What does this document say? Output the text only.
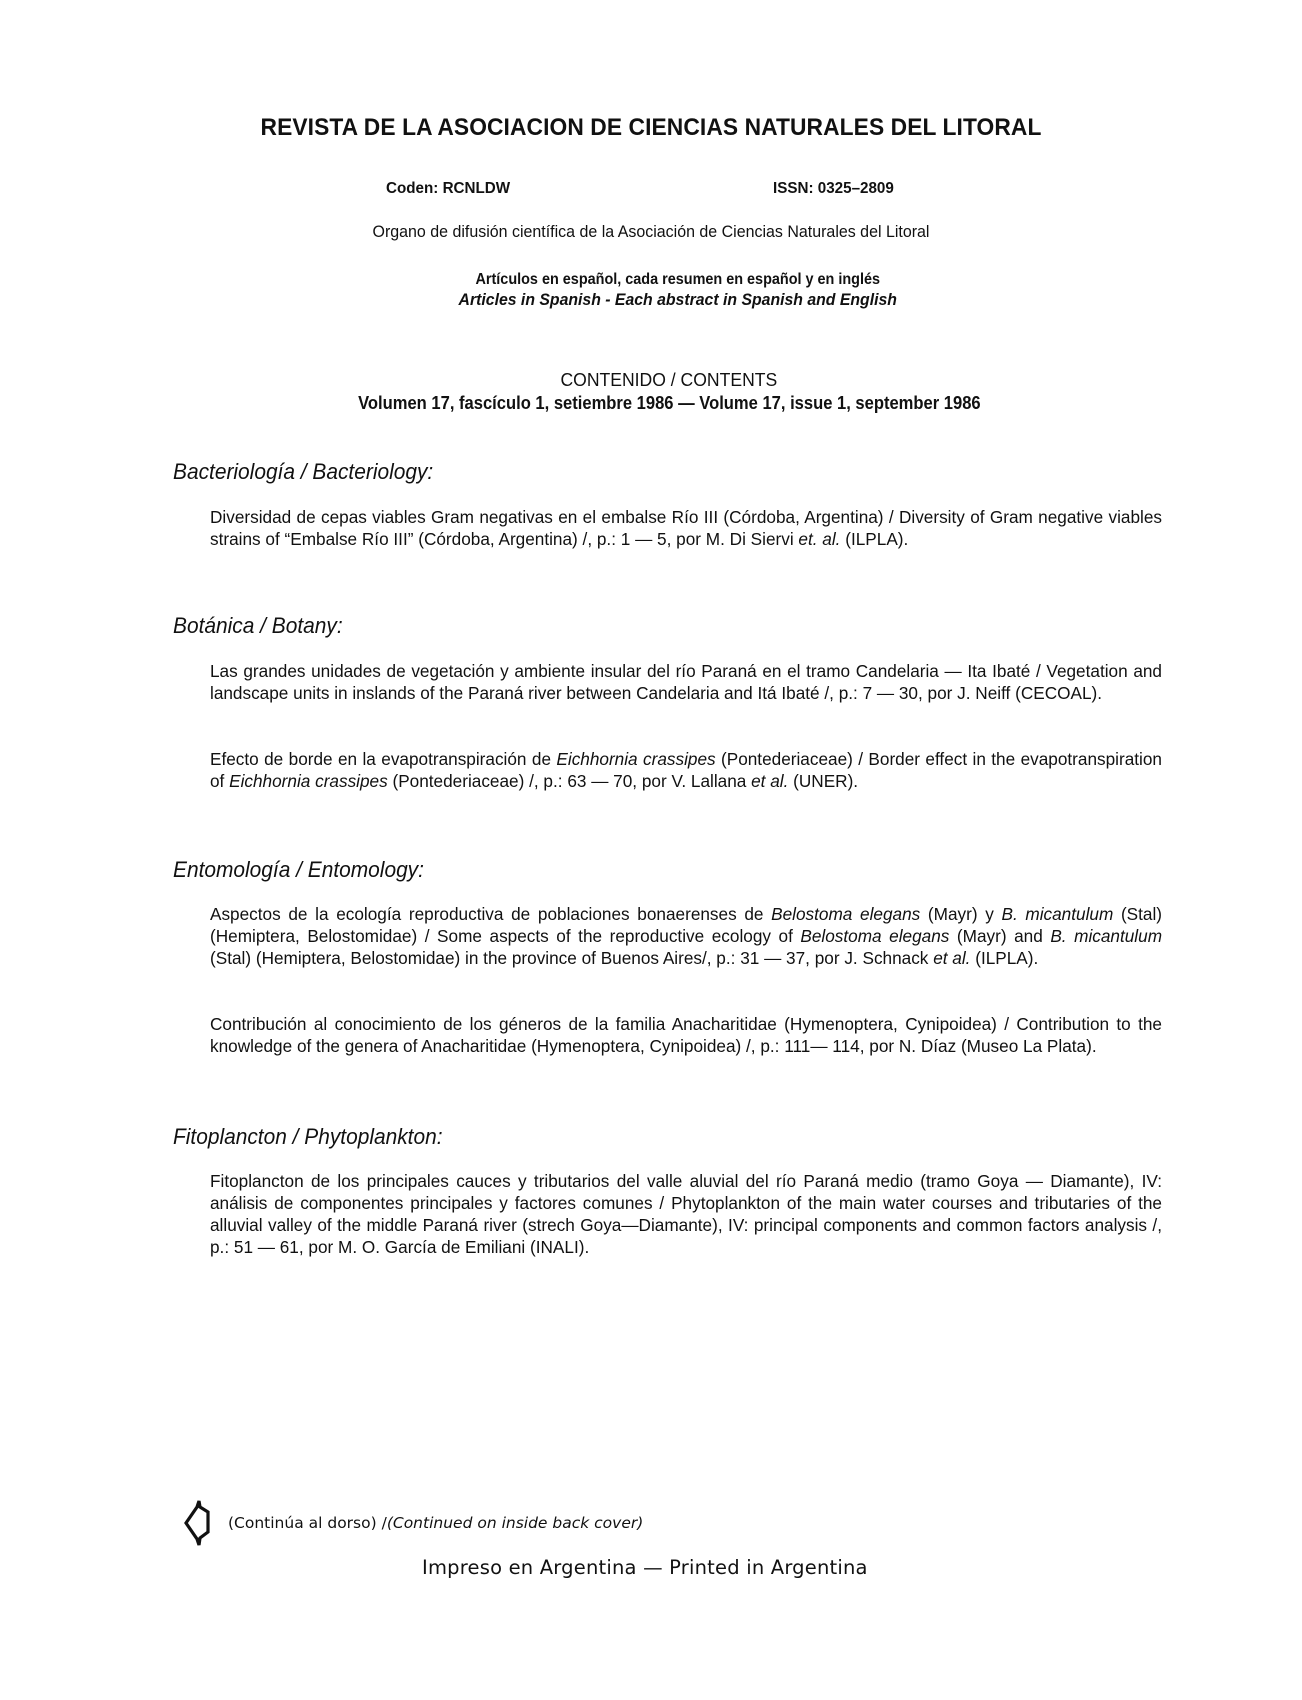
REVISTA DE LA ASOCIACION DE CIENCIAS NATURALES DEL LITORAL
Coden: RCNLDW	ISSN: 0325–2809
Organo de difusión científica de la Asociación de Ciencias Naturales del Litoral
Artículos en español, cada resumen en español y en inglés
Articles in Spanish - Each abstract in Spanish and English
CONTENIDO / CONTENTS
Volumen 17, fascículo 1, setiembre 1986 — Volume 17, issue 1, september 1986
Bacteriología / Bacteriology:
Diversidad de cepas viables Gram negativas en el embalse Río III (Córdoba, Argentina) / Diversity of Gram negative viables strains of “Embalse Río III” (Córdoba, Argentina) /, p.: 1 — 5, por M. Di Siervi et. al. (ILPLA).
Botánica / Botany:
Las grandes unidades de vegetación y ambiente insular del río Paraná en el tramo Candelaria — Ita Ibaté / Vegetation and landscape units in inslands of the Paraná river between Candelaria and Itá Ibaté /, p.: 7 — 30, por J. Neiff (CECOAL).
Efecto de borde en la evapotranspiración de Eichhornia crassipes (Pontederiaceae) / Border effect in the evapotranspiration of Eichhornia crassipes (Pontederiaceae) /, p.: 63 — 70, por V. Lallana et al. (UNER).
Entomología / Entomology:
Aspectos de la ecología reproductiva de poblaciones bonaerenses de Belostoma elegans (Mayr) y B. micantulum (Stal) (Hemiptera, Belostomidae) / Some aspects of the reproductive ecology of Belostoma elegans (Mayr) and B. micantulum (Stal) (Hemiptera, Belostomidae) in the province of Buenos Aires/, p.: 31 — 37, por J. Schnack et al. (ILPLA).
Contribución al conocimiento de los géneros de la familia Anacharitidae (Hymenoptera, Cynipoidea) / Contribution to the knowledge of the genera of Anacharitidae (Hymenoptera, Cynipoidea) /, p.: 111— 114, por N. Díaz (Museo La Plata).
Fitoplancton / Phytoplankton:
Fitoplancton de los principales cauces y tributarios del valle aluvial del río Paraná medio (tramo Goya — Diamante), IV: análisis de componentes principales y factores comunes / Phytoplankton of the main water courses and tributaries of the alluvial valley of the middle Paraná river (strech Goya—Diamante), IV: principal components and common factors analysis /, p.: 51 — 61, por M. O. García de Emiliani (INALI).
(Continúa al dorso) / (Continued on inside back cover)
Impreso en Argentina — Printed in Argentina
